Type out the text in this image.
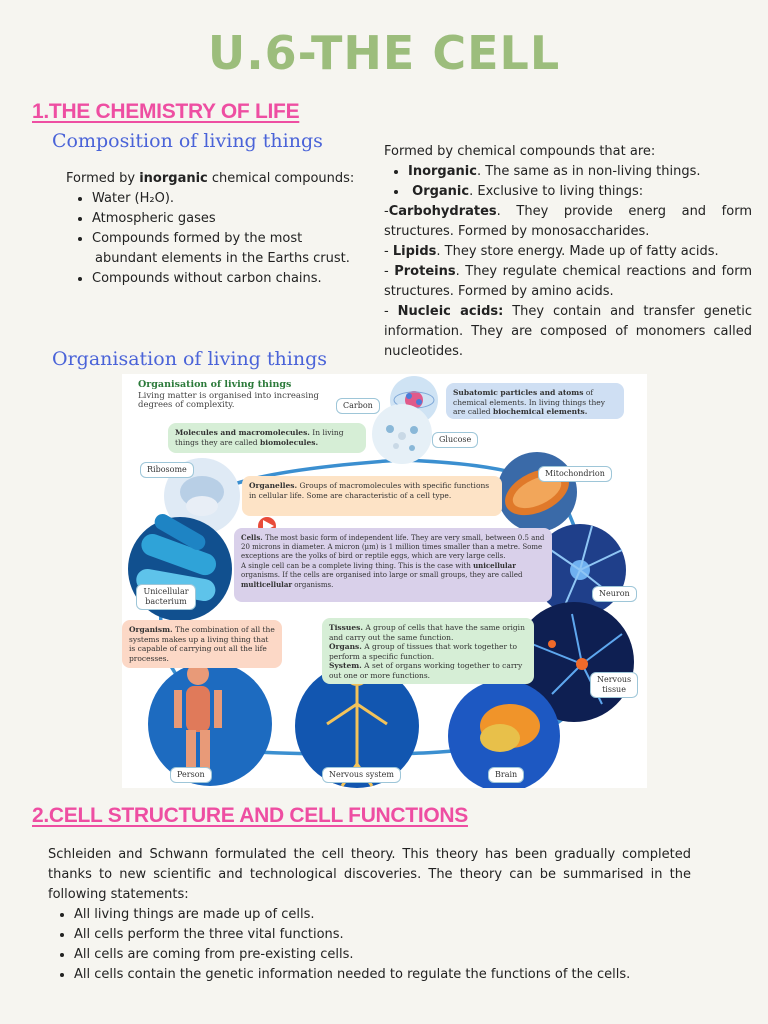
U.6-THE CELL
1.THE CHEMISTRY OF LIFE
Composition of living things
Formed by inorganic chemical compounds:
• Water (H₂O).
• Atmospheric gases
• Compounds formed by the most
abundant elements in the Earths crust.
• Compounds without carbon chains.
Formed by chemical compounds that are:
• Inorganic. The same as in non-living things.
• Organic. Exclusive to living things:
-Carbohydrates. They provide energ and form structures. Formed by monosaccharides.
- Lipids. They store energy. Made up of fatty acids.
- Proteins. They regulate chemical reactions and form structures. Formed by amino acids.
- Nucleic acids: They contain and transfer genetic information. They are composed of monomers called nucleotides.
Organisation of living things
Organisation of living things
Living matter is organised into increasing degrees of complexity.
Subatomic particles and atoms of chemical elements. In living things they are called biochemical elements.
Molecules and macromolecules. In living things they are called biomolecules.
Organelles. Groups of macromolecules with specific functions in cellular life. Some are characteristic of a cell type.
Cells. The most basic form of independent life. They are very small, between 0.5 and 20 microns in diameter. A micron (µm) is 1 million times smaller than a metre. Some exceptions are the yolks of bird or reptile eggs, which are very large cells.
A single cell can be a complete living thing. This is the case with unicellular organisms. If the cells are organised into large or small groups, they are called multicellular organisms.
Organism. The combination of all the systems makes up a living thing that is capable of carrying out all the life processes.
Tissues. A group of cells that have the same origin and carry out the same function.
Organs. A group of tissues that work together to perform a specific function.
System. A set of organs working together to carry out one or more functions.
Carbon
Glucose
Ribosome	Mitochondrion
Unicellular bacterium
Neuron
Nervous tissue
Person	Nervous system	Brain
2.CELL STRUCTURE AND CELL FUNCTIONS
Schleiden and Schwann formulated the cell theory. This theory has been gradually completed thanks to new scientific and technological discoveries. The theory can be summarised in the following statements:
• All living things are made up of cells.
• All cells perform the three vital functions.
• All cells are coming from pre-existing cells.
• All cells contain the genetic information needed to regulate the functions of the cells.
